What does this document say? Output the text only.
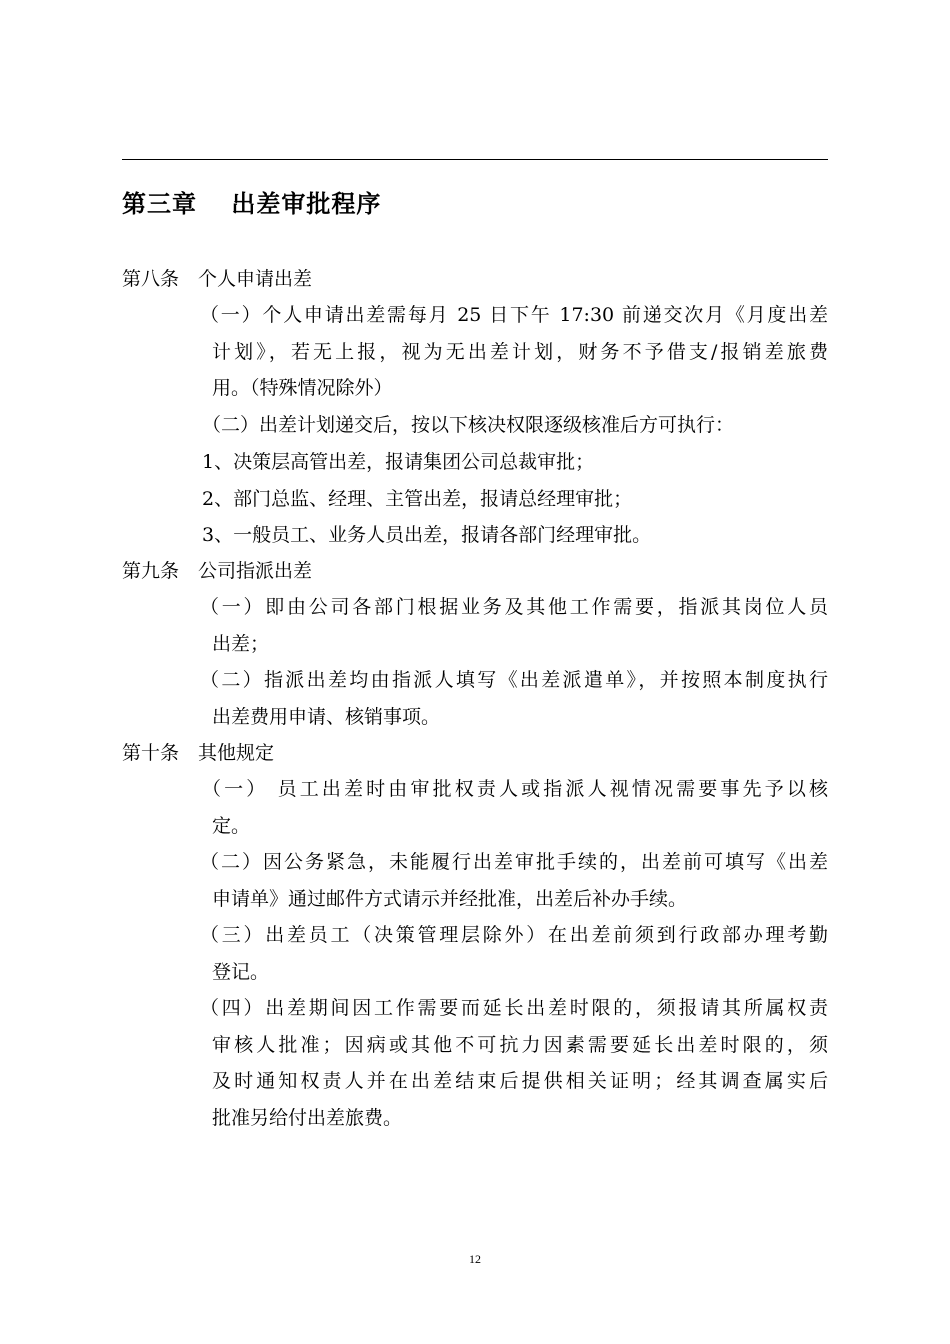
第三章　 出差审批程序
第八条　个人申请出差
（一）个人申请出差需每月 25 日下午 17:30 前递交次月《月度出差
计划》，若无上报，视为无出差计划，财务不予借支/报销差旅费
用。（特殊情况除外）
（二）出差计划递交后，按以下核决权限逐级核准后方可执行：
1、决策层高管出差，报请集团公司总裁审批；
2、部门总监、经理、主管出差，报请总经理审批；
3、一般员工、业务人员出差，报请各部门经理审批。
第九条　公司指派出差
（一）即由公司各部门根据业务及其他工作需要，指派其岗位人员
出差；
（二）指派出差均由指派人填写《出差派遣单》，并按照本制度执行
出差费用申请、核销事项。
第十条　其他规定
（一） 员工出差时由审批权责人或指派人视情况需要事先予以核
定。
（二）因公务紧急，未能履行出差审批手续的，出差前可填写《出差
申请单》通过邮件方式请示并经批准，出差后补办手续。
（三）出差员工（决策管理层除外）在出差前须到行政部办理考勤
登记。
（四）出差期间因工作需要而延长出差时限的，须报请其所属权责
审核人批准；因病或其他不可抗力因素需要延长出差时限的，须
及时通知权责人并在出差结束后提供相关证明；经其调查属实后
批准另给付出差旅费。
12
